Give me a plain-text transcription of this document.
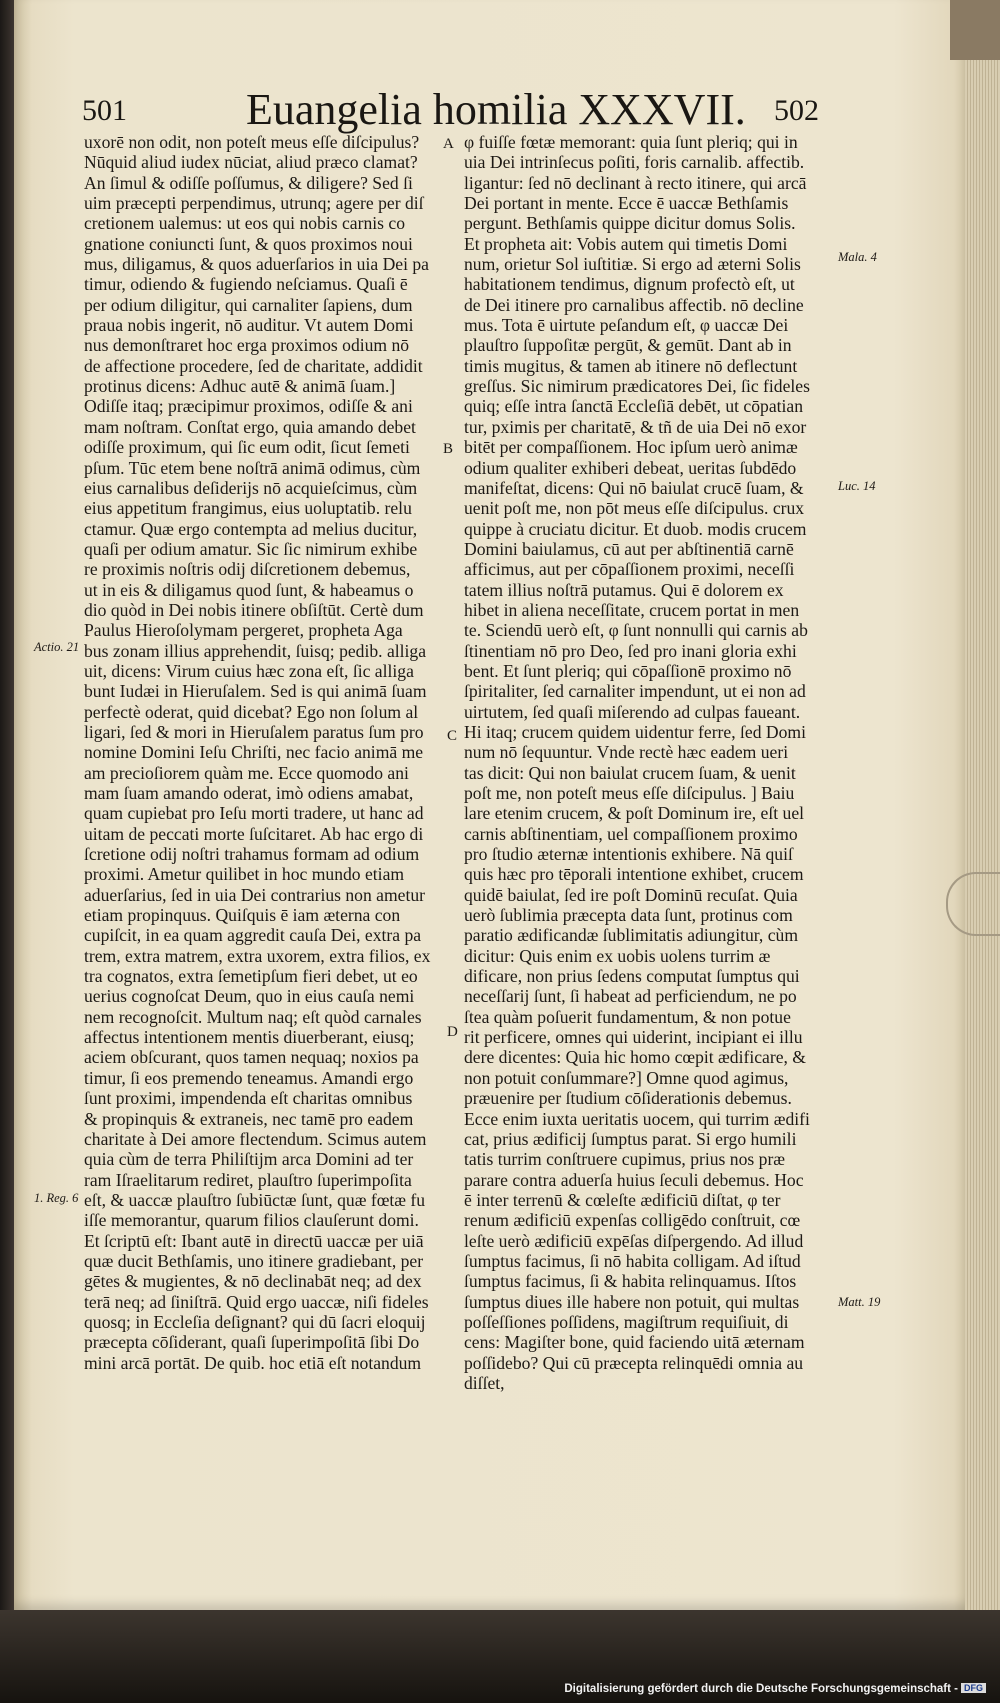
501	Euangelia homilia XXXVII. 502
uxorē non odit, non poteſt meus eſſe diſcipulus?
Nūquid aliud iudex nūciat, aliud præco clamat?
An ſimul & odiſſe poſſumus, & diligere? Sed ſi
uim præcepti perpendimus, utrunq; agere per diſ
cretionem ualemus: ut eos qui nobis carnis co
gnatione coniuncti ſunt, & quos proximos noui
mus, diligamus, & quos aduerſarios in uia Dei pa
timur, odiendo & fugiendo neſciamus. Quaſi ē
per odium diligitur, qui carnaliter ſapiens, dum
praua nobis ingerit, nō auditur. Vt autem Domi
nus demonſtraret hoc erga proximos odium nō
de affectione procedere, ſed de charitate, addidit
protinus dicens: Adhuc autē & animā ſuam.]
Odiſſe itaq; præcipimur proximos, odiſſe & ani
mam noſtram. Conſtat ergo, quia amando debet
odiſſe proximum, qui ſic eum odit, ſicut ſemeti
pſum. Tūc etem bene noſtrā animā odimus, cùm
eius carnalibus deſiderijs nō acquieſcimus, cùm
eius appetitum frangimus, eius uoluptatib. relu
ctamur. Quæ ergo contempta ad melius ducitur,
quaſi per odium amatur. Sic ſic nimirum exhibe
re proximis noſtris odij diſcretionem debemus,
ut in eis & diligamus quod ſunt, & habeamus o
dio quòd in Dei nobis itinere obſiſtūt. Certè dum
Paulus Hieroſolymam pergeret, propheta Aga
bus zonam illius apprehendit, ſuisq; pedib. alliga
uit, dicens: Virum cuius hæc zona eſt, ſic alliga
bunt Iudæi in Hieruſalem. Sed is qui animā ſuam
perfectè oderat, quid dicebat? Ego non ſolum al
ligari, ſed & mori in Hieruſalem paratus ſum pro
nomine Domini Ieſu Chriſti, nec facio animā me
am precioſiorem quàm me. Ecce quomodo ani
mam ſuam amando oderat, imò odiens amabat,
quam cupiebat pro Ieſu morti tradere, ut hanc ad
uitam de peccati morte ſuſcitaret. Ab hac ergo di
ſcretione odij noſtri trahamus formam ad odium
proximi. Ametur quilibet in hoc mundo etiam
aduerſarius, ſed in uia Dei contrarius non ametur
etiam propinquus. Quiſquis ē iam æterna con
cupiſcit, in ea quam aggredit cauſa Dei, extra pa
trem, extra matrem, extra uxorem, extra filios, ex
tra cognatos, extra ſemetipſum fieri debet, ut eo
uerius cognoſcat Deum, quo in eius cauſa nemi
nem recognoſcit. Multum naq; eſt quòd carnales
affectus intentionem mentis diuerberant, eiusq;
aciem obſcurant, quos tamen nequaq; noxios pa
timur, ſi eos premendo teneamus. Amandi ergo
ſunt proximi, impendenda eſt charitas omnibus
& propinquis & extraneis, nec tamē pro eadem
charitate à Dei amore flectendum. Scimus autem
quia cùm de terra Philiſtijm arca Domini ad ter
ram Iſraelitarum rediret, plauſtro ſuperimpoſita
eſt, & uaccæ plauſtro ſubiūctæ ſunt, quæ fœtæ fu
iſſe memorantur, quarum filios clauſerunt domi.
Et ſcriptū eſt: Ibant autē in directū uaccæ per uiā
quæ ducit Bethſamis, uno itinere gradiebant, per
gētes & mugientes, & nō declinabāt neq; ad dex
terā neq; ad ſiniſtrā. Quid ergo uaccæ, niſi fideles
quosq; in Eccleſia deſignant? qui dū ſacri eloquij
præcepta cōſiderant, quaſi ſuperimpoſitā ſibi Do
mini arcā portāt. De quib. hoc etiā eſt notandum
φ fuiſſe fœtæ memorant: quia ſunt pleriq; qui in
uia Dei intrinſecus poſiti, foris carnalib. affectib.
ligantur: ſed nō declinant à recto itinere, qui arcā
Dei portant in mente. Ecce ē uaccæ Bethſamis
pergunt. Bethſamis quippe dicitur domus Solis.
Et propheta ait: Vobis autem qui timetis Domi
num, orietur Sol iuſtitiæ. Si ergo ad æterni Solis
habitationem tendimus, dignum profectò eſt, ut
de Dei itinere pro carnalibus affectib. nō decline
mus. Tota ē uirtute peſandum eſt, φ uaccæ Dei
plauſtro ſuppoſitæ pergūt, & gemūt. Dant ab in
timis mugitus, & tamen ab itinere nō deflectunt
greſſus. Sic nimirum prædicatores Dei, ſic fideles
quiq; eſſe intra ſanctā Eccleſiā debēt, ut cōpatian
tur, pximis per charitatē, & tñ de uia Dei nō exor
bitēt per compaſſionem. Hoc ipſum uerò animæ
odium qualiter exhiberi debeat, ueritas ſubdēdo
manifeſtat, dicens: Qui nō baiulat crucē ſuam, &
uenit poſt me, non pōt meus eſſe diſcipulus. crux
quippe à cruciatu dicitur. Et duob. modis crucem
Domini baiulamus, cū aut per abſtinentiā carnē
afficimus, aut per cōpaſſionem proximi, neceſſi
tatem illius noſtrā putamus. Qui ē dolorem ex
hibet in aliena neceſſitate, crucem portat in men
te. Sciendū uerò eſt, φ ſunt nonnulli qui carnis ab
ſtinentiam nō pro Deo, ſed pro inani gloria exhi
bent. Et ſunt pleriq; qui cōpaſſionē proximo nō
ſpiritaliter, ſed carnaliter impendunt, ut ei non ad
uirtutem, ſed quaſi miſerendo ad culpas faueant.
Hi itaq; crucem quidem uidentur ferre, ſed Domi
num nō ſequuntur. Vnde rectè hæc eadem ueri
tas dicit: Qui non baiulat crucem ſuam, & uenit
poſt me, non poteſt meus eſſe diſcipulus. ] Baiu
lare etenim crucem, & poſt Dominum ire, eſt uel
carnis abſtinentiam, uel compaſſionem proximo
pro ſtudio æternæ intentionis exhibere. Nā quiſ
quis hæc pro tēporali intentione exhibet, crucem
quidē baiulat, ſed ire poſt Dominū recuſat. Quia
uerò ſublimia præcepta data ſunt, protinus com
paratio ædificandæ ſublimitatis adiungitur, cùm
dicitur: Quis enim ex uobis uolens turrim æ
dificare, non prius ſedens computat ſumptus qui
neceſſarij ſunt, ſi habeat ad perficiendum, ne po
ſtea quàm poſuerit fundamentum, & non potue
rit perficere, omnes qui uiderint, incipiant ei illu
dere dicentes: Quia hic homo cœpit ædificare, &
non potuit conſummare?] Omne quod agimus,
præuenire per ſtudium cōſiderationis debemus.
Ecce enim iuxta ueritatis uocem, qui turrim ædifi
cat, prius ædificij ſumptus parat. Si ergo humili
tatis turrim conſtruere cupimus, prius nos præ
parare contra aduerſa huius ſeculi debemus. Hoc
ē inter terrenū & cœleſte ædificiū diſtat, φ ter
renum ædificiū expenſas colligēdo conſtruit, cœ
leſte uerò ædificiū expēſas diſpergendo. Ad illud
ſumptus facimus, ſi nō habita colligam. Ad iſtud
ſumptus facimus, ſi & habita relinquamus. Iſtos
ſumptus diues ille habere non potuit, qui multas
poſſeſſiones poſſidens, magiſtrum requiſiuit, di
cens: Magiſter bone, quid faciendo uitā æternam
poſſidebo? Qui cū præcepta relinquēdi omnia au
diſſet,
A
B
C
D
Mala. 4
Luc. 14
Actio. 21
1. Reg. 6
Matt. 19
Digitalisierung gefördert durch die Deutsche Forschungsgemeinschaft - DFG
